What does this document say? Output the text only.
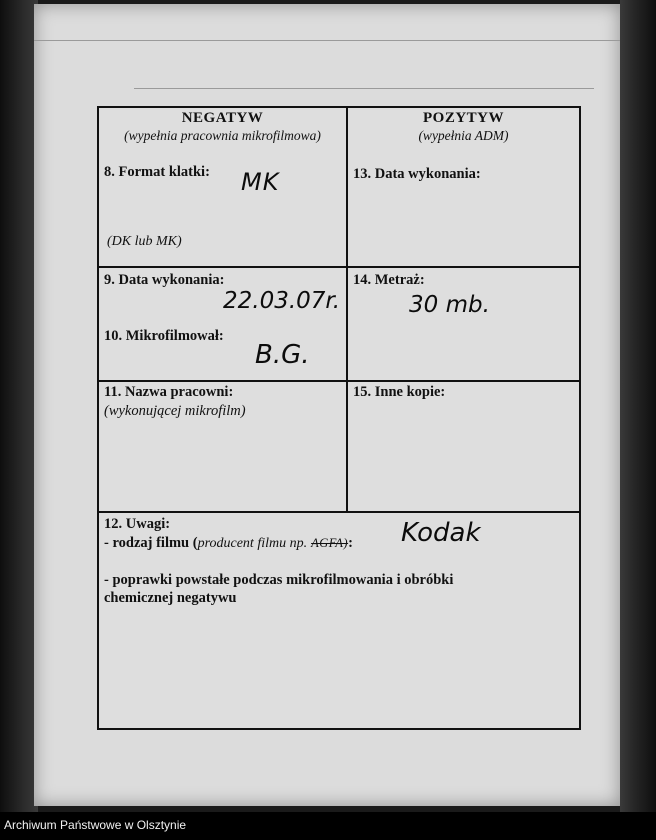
NEGATYW
(wypełnia pracownia mikrofilmowa)
8. Format klatki: MK
(DK lub MK)
POZYTYW
(wypełnia ADM)
13. Data wykonania:
9. Data wykonania:
22.03.07r.
10. Mikrofilmował:
B.G.
14. Metraż:
30 mb.
11. Nazwa pracowni:
(wykonującej mikrofilm)
15. Inne kopie:
12. Uwagi:
- rodzaj filmu (producent filmu np. AGFA): Kodak
- poprawki powstałe podczas mikrofilmowania i obróbki
chemicznej negatywu
Archiwum Państwowe w Olsztynie
